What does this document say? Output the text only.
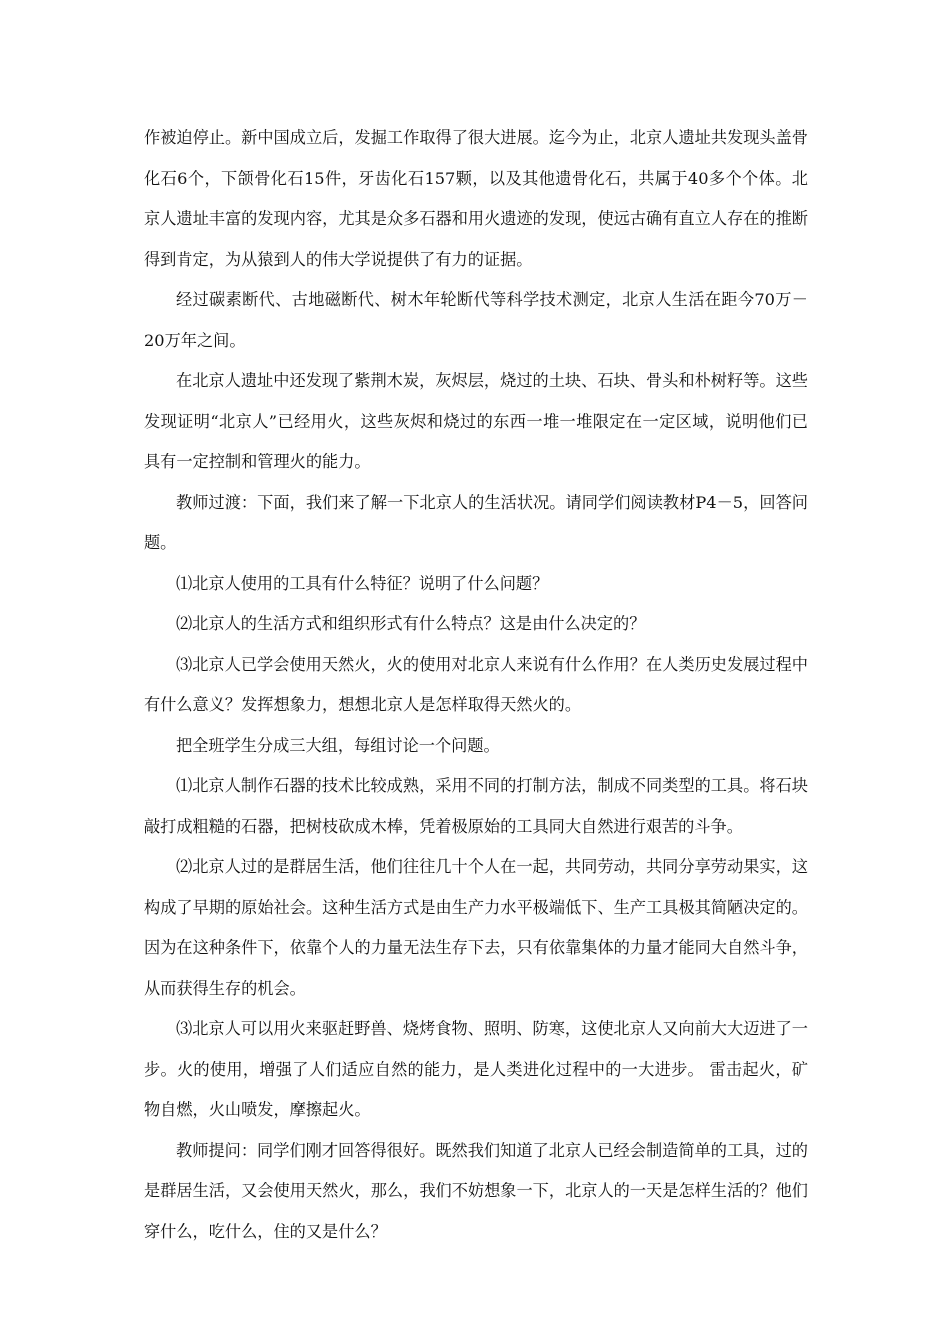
作被迫停止。新中国成立后，发掘工作取得了很大进展。迄今为止，北京人遗址共发现头盖骨化石6个，下颌骨化石15件，牙齿化石157颗，以及其他遗骨化石，共属于40多个个体。北京人遗址丰富的发现内容，尤其是众多石器和用火遗迹的发现，使远古确有直立人存在的推断得到肯定，为从猿到人的伟大学说提供了有力的证据。

经过碳素断代、古地磁断代、树木年轮断代等科学技术测定，北京人生活在距今70万－20万年之间。

在北京人遗址中还发现了紫荆木炭，灰烬层，烧过的土块、石块、骨头和朴树籽等。这些发现证明“北京人”已经用火，这些灰烬和烧过的东西一堆一堆限定在一定区域，说明他们已具有一定控制和管理火的能力。

教师过渡：下面，我们来了解一下北京人的生活状况。请同学们阅读教材P4－5，回答问题。

⑴北京人使用的工具有什么特征？说明了什么问题？

⑵北京人的生活方式和组织形式有什么特点？这是由什么决定的？

⑶北京人已学会使用天然火，火的使用对北京人来说有什么作用？在人类历史发展过程中有什么意义？发挥想象力，想想北京人是怎样取得天然火的。

把全班学生分成三大组，每组讨论一个问题。

⑴北京人制作石器的技术比较成熟，采用不同的打制方法，制成不同类型的工具。将石块敲打成粗糙的石器，把树枝砍成木棒，凭着极原始的工具同大自然进行艰苦的斗争。

⑵北京人过的是群居生活，他们往往几十个人在一起，共同劳动，共同分享劳动果实，这构成了早期的原始社会。这种生活方式是由生产力水平极端低下、生产工具极其简陋决定的。因为在这种条件下，依靠个人的力量无法生存下去，只有依靠集体的力量才能同大自然斗争，从而获得生存的机会。

⑶北京人可以用火来驱赶野兽、烧烤食物、照明、防寒，这使北京人又向前大大迈进了一步。火的使用，增强了人们适应自然的能力，是人类进化过程中的一大进步。 雷击起火，矿物自燃，火山喷发，摩擦起火。

教师提问：同学们刚才回答得很好。既然我们知道了北京人已经会制造简单的工具，过的是群居生活，又会使用天然火，那么，我们不妨想象一下，北京人的一天是怎样生活的？他们穿什么，吃什么，住的又是什么？
